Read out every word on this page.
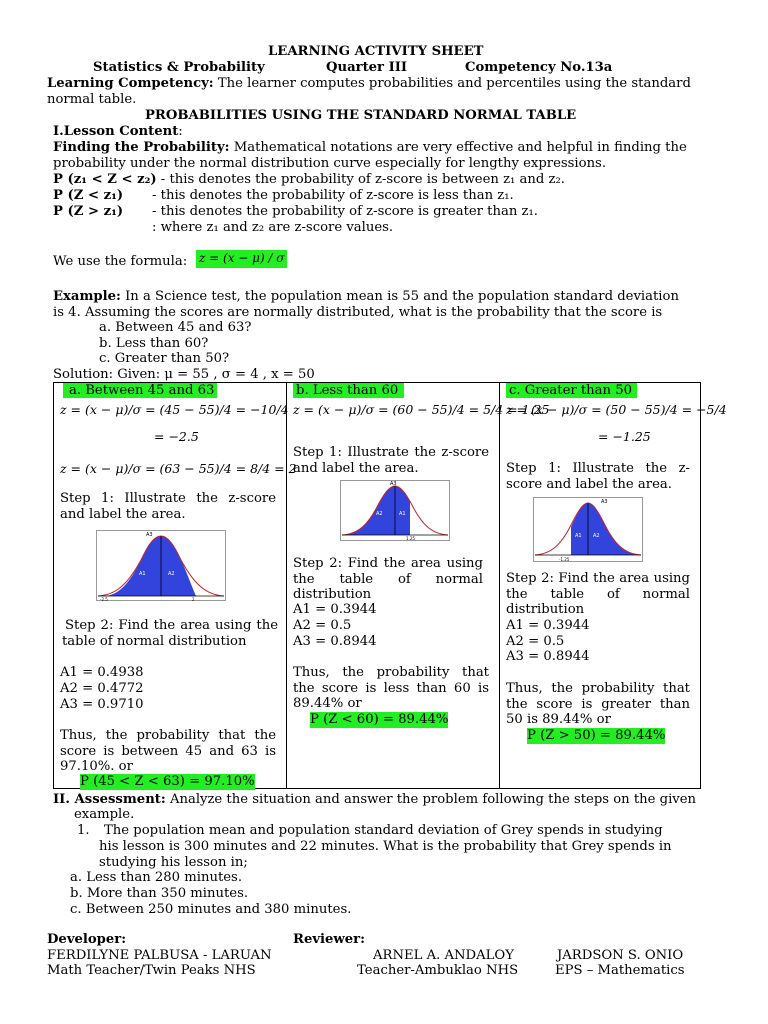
LEARNING ACTIVITY SHEET
Statistics & Probability	Quarter III	Competency No.13a
Learning Competency: The learner computes probabilities and percentiles using the standard
normal table.
PROBABILITIES USING THE STANDARD NORMAL TABLE
I.Lesson Content:
Finding the Probability: Mathematical notations are very effective and helpful in finding the
probability under the normal distribution curve especially for lengthy expressions.
P (z₁ < Z < z₂) - this denotes the probability of z-score is between z₁ and z₂.
P (Z < z₁) - this denotes the probability of z-score is less than z₁.
P (Z > z₁) - this denotes the probability of z-score is greater than z₁.
: where z₁ and z₂ are z-score values.
We use the formula: z = (x − μ) / σ
Example: In a Science test, the population mean is 55 and the population standard deviation
is 4. Assuming the scores are normally distributed, what is the probability that the score is
a. Between 45 and 63?
b. Less than 60?
c. Greater than 50?
Solution: Given: μ = 55 , σ = 4 , x = 50
a. Between 45 and 63
z = (x − μ)/σ = (45 − 55)/4 = −10/4
= −2.5
z = (x − μ)/σ = (63 − 55)/4 = 8/4 = 2
Step 1: Illustrate the z-score and label the area.
A1	A2
A3
-2.5	2
Step 2: Find the area using the table of normal distribution
A1 = 0.4938
A2 = 0.4772
A3 = 0.9710
Thus, the probability that the score is between 45 and 63 is 97.10%. or
P (45 < Z < 63) = 97.10%

b. Less than 60
z = (x − μ)/σ = (60 − 55)/4 = 5/4 = 1.25
Step 1: Illustrate the z-score and label the area.
A2	A1
A3
1.25
Step 2: Find the area using the table of normal distribution
A1 = 0.3944
A2 = 0.5
A3 = 0.8944
Thus, the probability that the score is less than 60 is 89.44% or
P (Z < 60) = 89.44%

c. Greater than 50
z = (x − μ)/σ = (50 − 55)/4 = −5/4
= −1.25
Step 1: Illustrate the z-score and label the area.
A1 A2
A3
-1.25
Step 2: Find the area using the table of normal distribution
A1 = 0.3944
A2 = 0.5
A3 = 0.8944
Thus, the probability that the score is greater than 50 is 89.44% or
P (Z > 50) = 89.44%
II. Assessment: Analyze the situation and answer the problem following the steps on the given
example.
1. The population mean and population standard deviation of Grey spends in studying
his lesson is 300 minutes and 22 minutes. What is the probability that Grey spends in
studying his lesson in;
a. Less than 280 minutes.
b. More than 350 minutes.
c. Between 250 minutes and 380 minutes.
Developer:	Reviewer:
FERDILYNE PALBUSA - LARUAN	ARNEL A. ANDALOY	JARDSON S. ONIO
Math Teacher/Twin Peaks NHS	Teacher-Ambuklao NHS	EPS – Mathematics
